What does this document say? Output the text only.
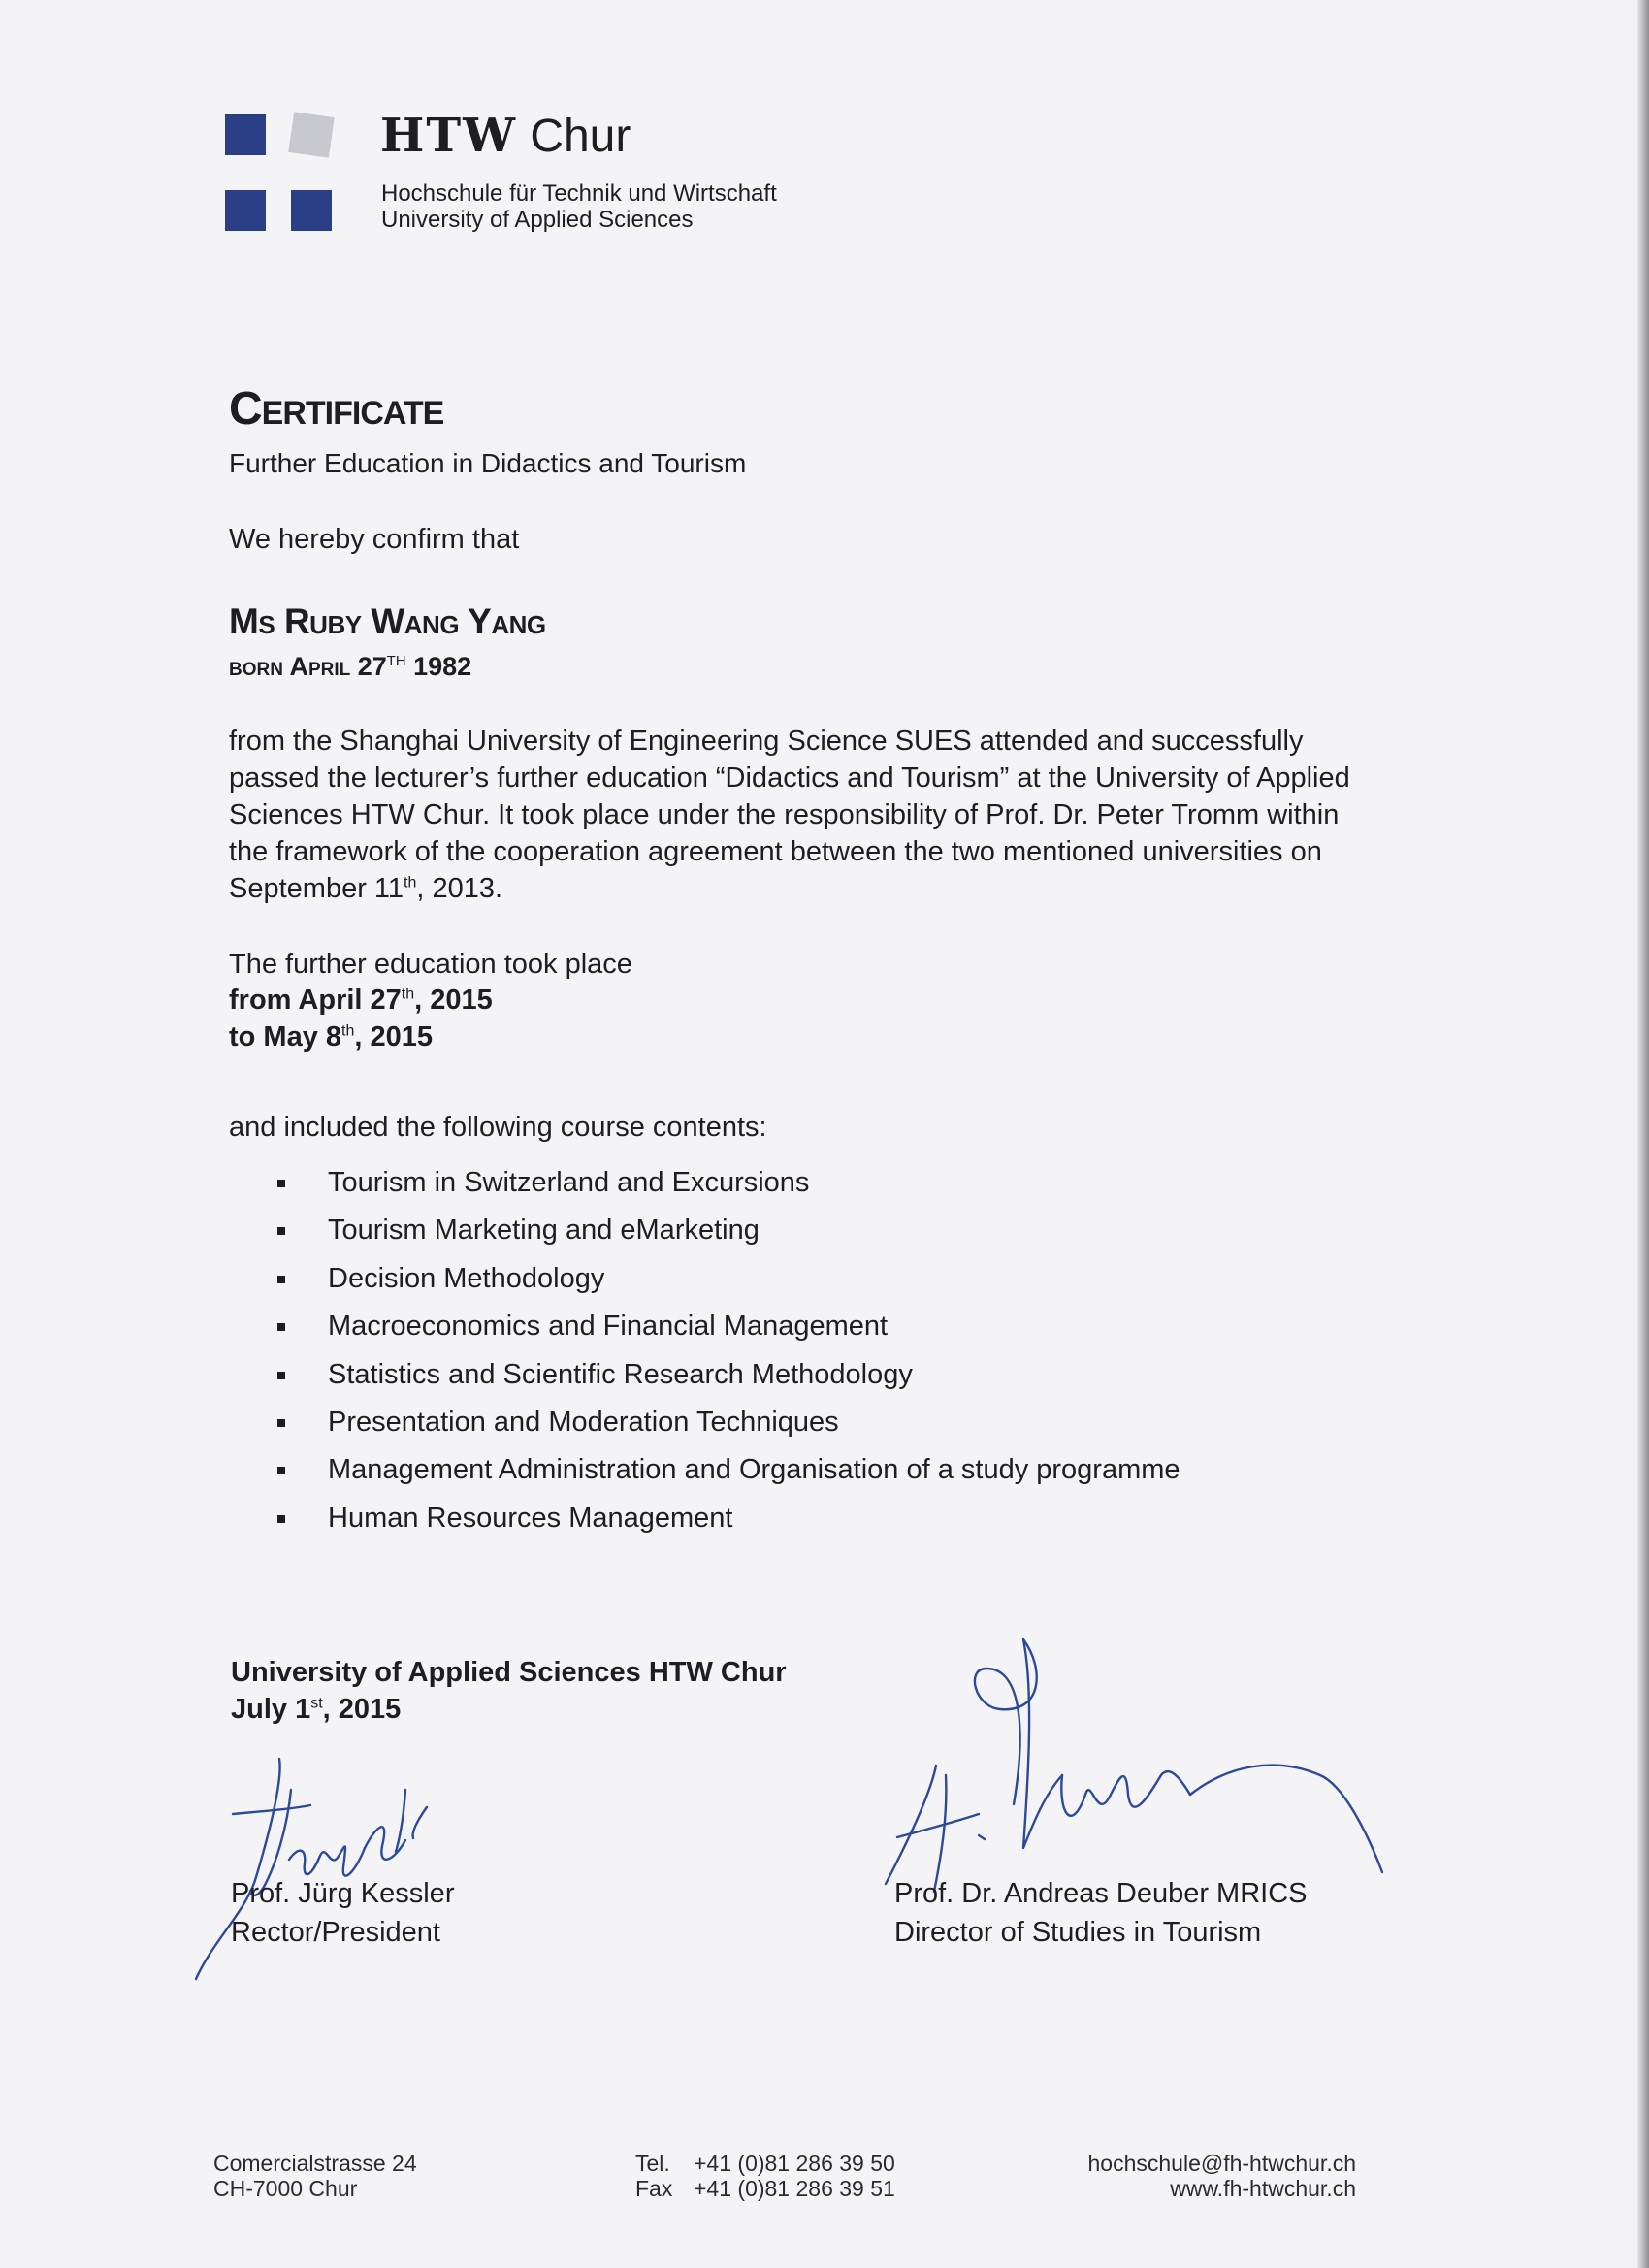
HTW Chur
Hochschule für Technik und Wirtschaft
University of Applied Sciences
Certificate
Further Education in Didactics and Tourism
We hereby confirm that
Ms Ruby Wang Yang
born April 27TH 1982
from the Shanghai University of Engineering Science SUES attended and successfully
passed the lecturer’s further education “Didactics and Tourism” at the University of Applied
Sciences HTW Chur. It took place under the responsibility of Prof. Dr. Peter Tromm within
the framework of the cooperation agreement between the two mentioned universities on
September 11th, 2013.
The further education took place
from April 27th, 2015
to May 8th, 2015
and included the following course contents:
Tourism in Switzerland and Excursions
Tourism Marketing and eMarketing
Decision Methodology
Macroeconomics and Financial Management
Statistics and Scientific Research Methodology
Presentation and Moderation Techniques
Management Administration and Organisation of a study programme
Human Resources Management
University of Applied Sciences HTW Chur
July 1st, 2015
Prof. Jürg Kessler
Rector/President
Prof. Dr. Andreas Deuber MRICS
Director of Studies in Tourism
Comercialstrasse 24
CH-7000 Chur
Tel. +41 (0)81 286 39 50
Fax +41 (0)81 286 39 51
hochschule@fh-htwchur.ch
www.fh-htwchur.ch
